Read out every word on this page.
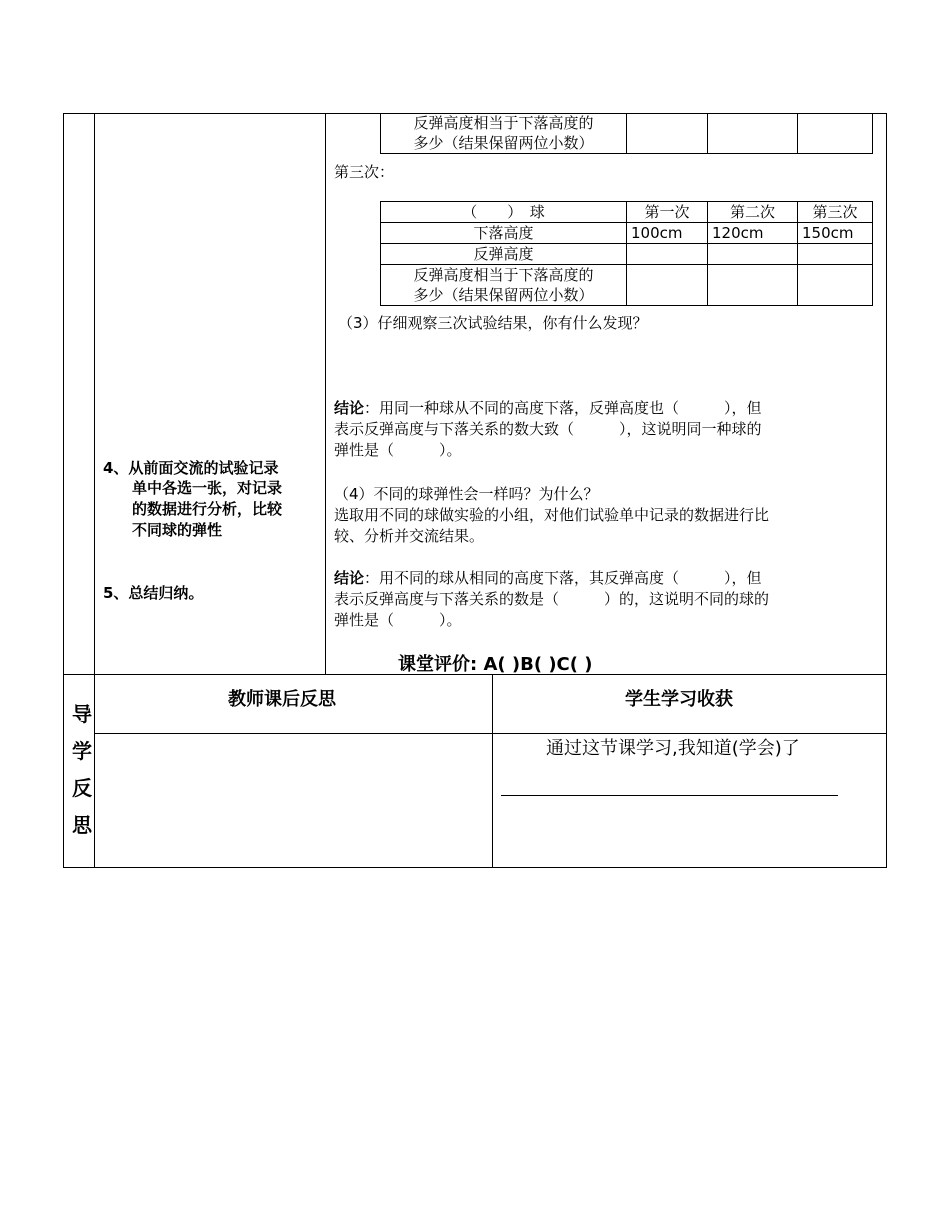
反弹高度相当于下落高度的
多少（结果保留两位小数）

第三次：
（　　）　球	第一次	第二次	第三次
下落高度	100cm	120cm	150cm
反弹高度			

反弹高度相当于下落高度的
多少（结果保留两位小数）			

（3）仔细观察三次试验结果，你有什么发现？
结论：用同一种球从不同的高度下落，反弹高度也（　　　），但
表示反弹高度与下落关系的数大致（　　　），这说明同一种球的
弹性是（　　　）。
（4）不同的球弹性会一样吗？为什么？
选取用不同的球做实验的小组，对他们试验单中记录的数据进行比
较、分析并交流结果。
结论：用不同的球从相同的高度下落，其反弹高度（　　　），但
表示反弹高度与下落关系的数是（　　　）的，这说明不同的球的
弹性是（　　　）。
4、从前面交流的试验记录
单中各选一张，对记录
的数据进行分析，比较
不同球的弹性
5、总结归纳。
课堂评价: A( )B( )C( )
导
学
反
思
教师课后反思	学生学习收获
通过这节课学习,我知道(学会)了
